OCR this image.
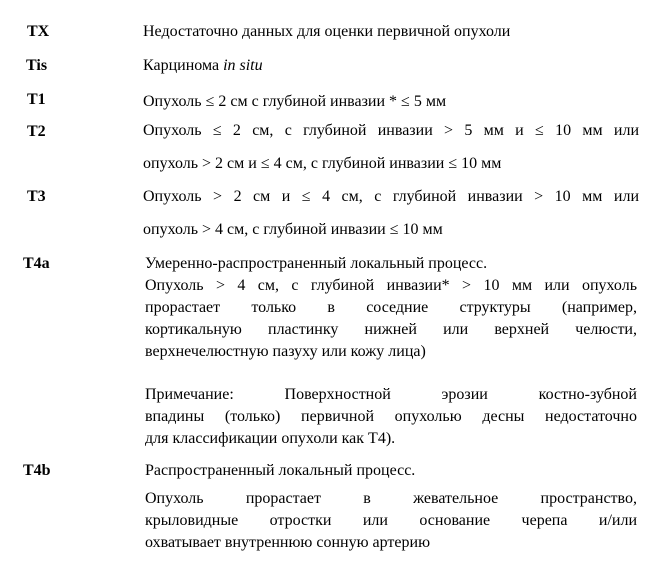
TX	Недостаточно данных для оценки первичной опухоли
Tis	Карцинома in situ
T1	Опухоль ≤ 2 см с глубиной инвазии * ≤ 5 мм
T2	Опухоль ≤ 2 см, с глубиной инвазии > 5 мм и ≤ 10 мм или
опухоль > 2 см и ≤ 4 см, с глубиной инвазии ≤ 10 мм
T3	Опухоль > 2 см и ≤ 4 см, с глубиной инвазии > 10 мм или
опухоль > 4 см, с глубиной инвазии ≤ 10 мм
T4a	Умеренно-распространенный локальный процесс.
Опухоль > 4 см, с глубиной инвазии* > 10 мм или опухоль
прорастает только в соседние структуры (например,
кортикальную пластинку нижней или верхней челюсти,
верхнечелюстную пазуху или кожу лица)
Примечание: Поверхностной эрозии костно-зубной
впадины (только) первичной опухолью десны недостаточно
для классификации опухоли как Т4).
T4b	Распространенный локальный процесс.
Опухоль прорастает в жевательное пространство,
крыловидные отростки или основание черепа и/или
охватывает внутреннюю сонную артерию
